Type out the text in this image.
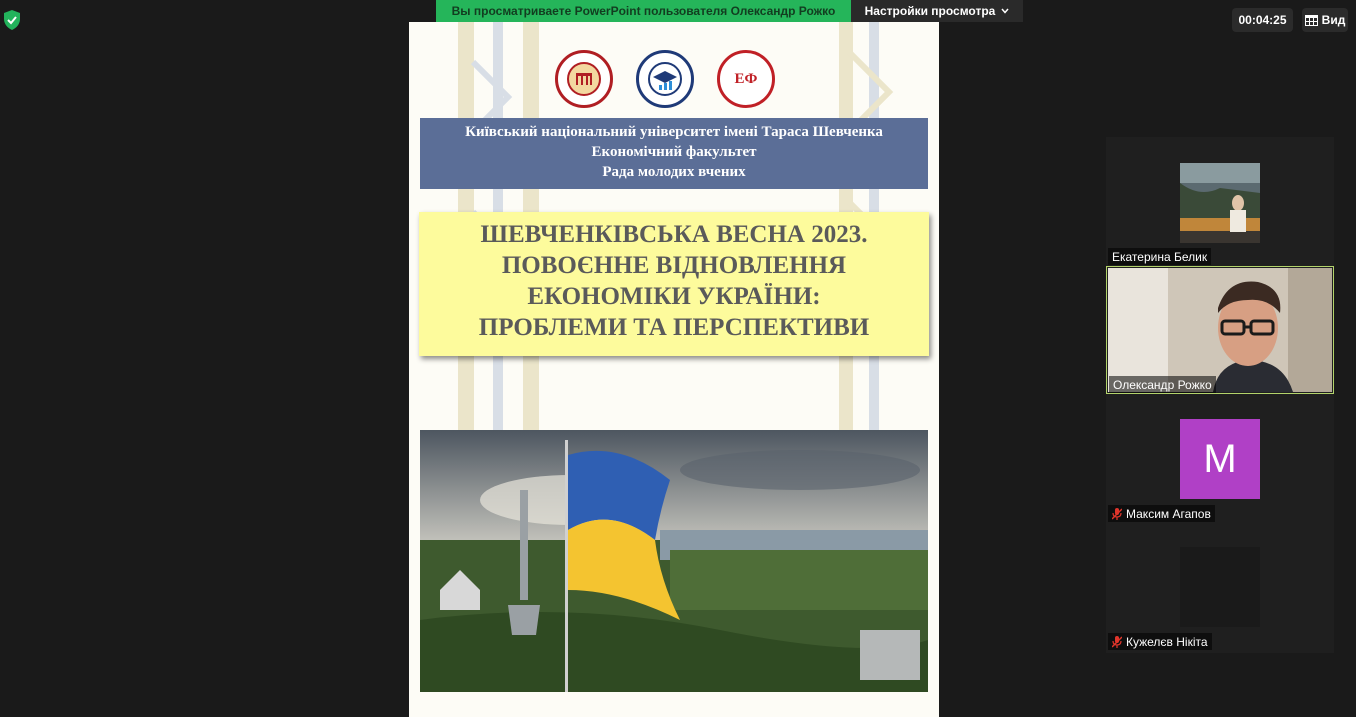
Вы просматриваете PowerPoint пользователя Олександр Рожко Настройки просмотра
00:04:25	Вид
ЕФ
Київський національний університет імені Тараса Шевченка
Економічний факультет
Рада молодих вчених
ШЕВЧЕНКІВСЬКА ВЕСНА 2023.
ПОВОЄННЕ ВІДНОВЛЕННЯ
ЕКОНОМІКИ УКРАЇНИ:
ПРОБЛЕМИ ТА ПЕРСПЕКТИВИ
Екатерина Белик
Олександр Рожко
M
Максим Агапов
Кужелєв Нікіта
